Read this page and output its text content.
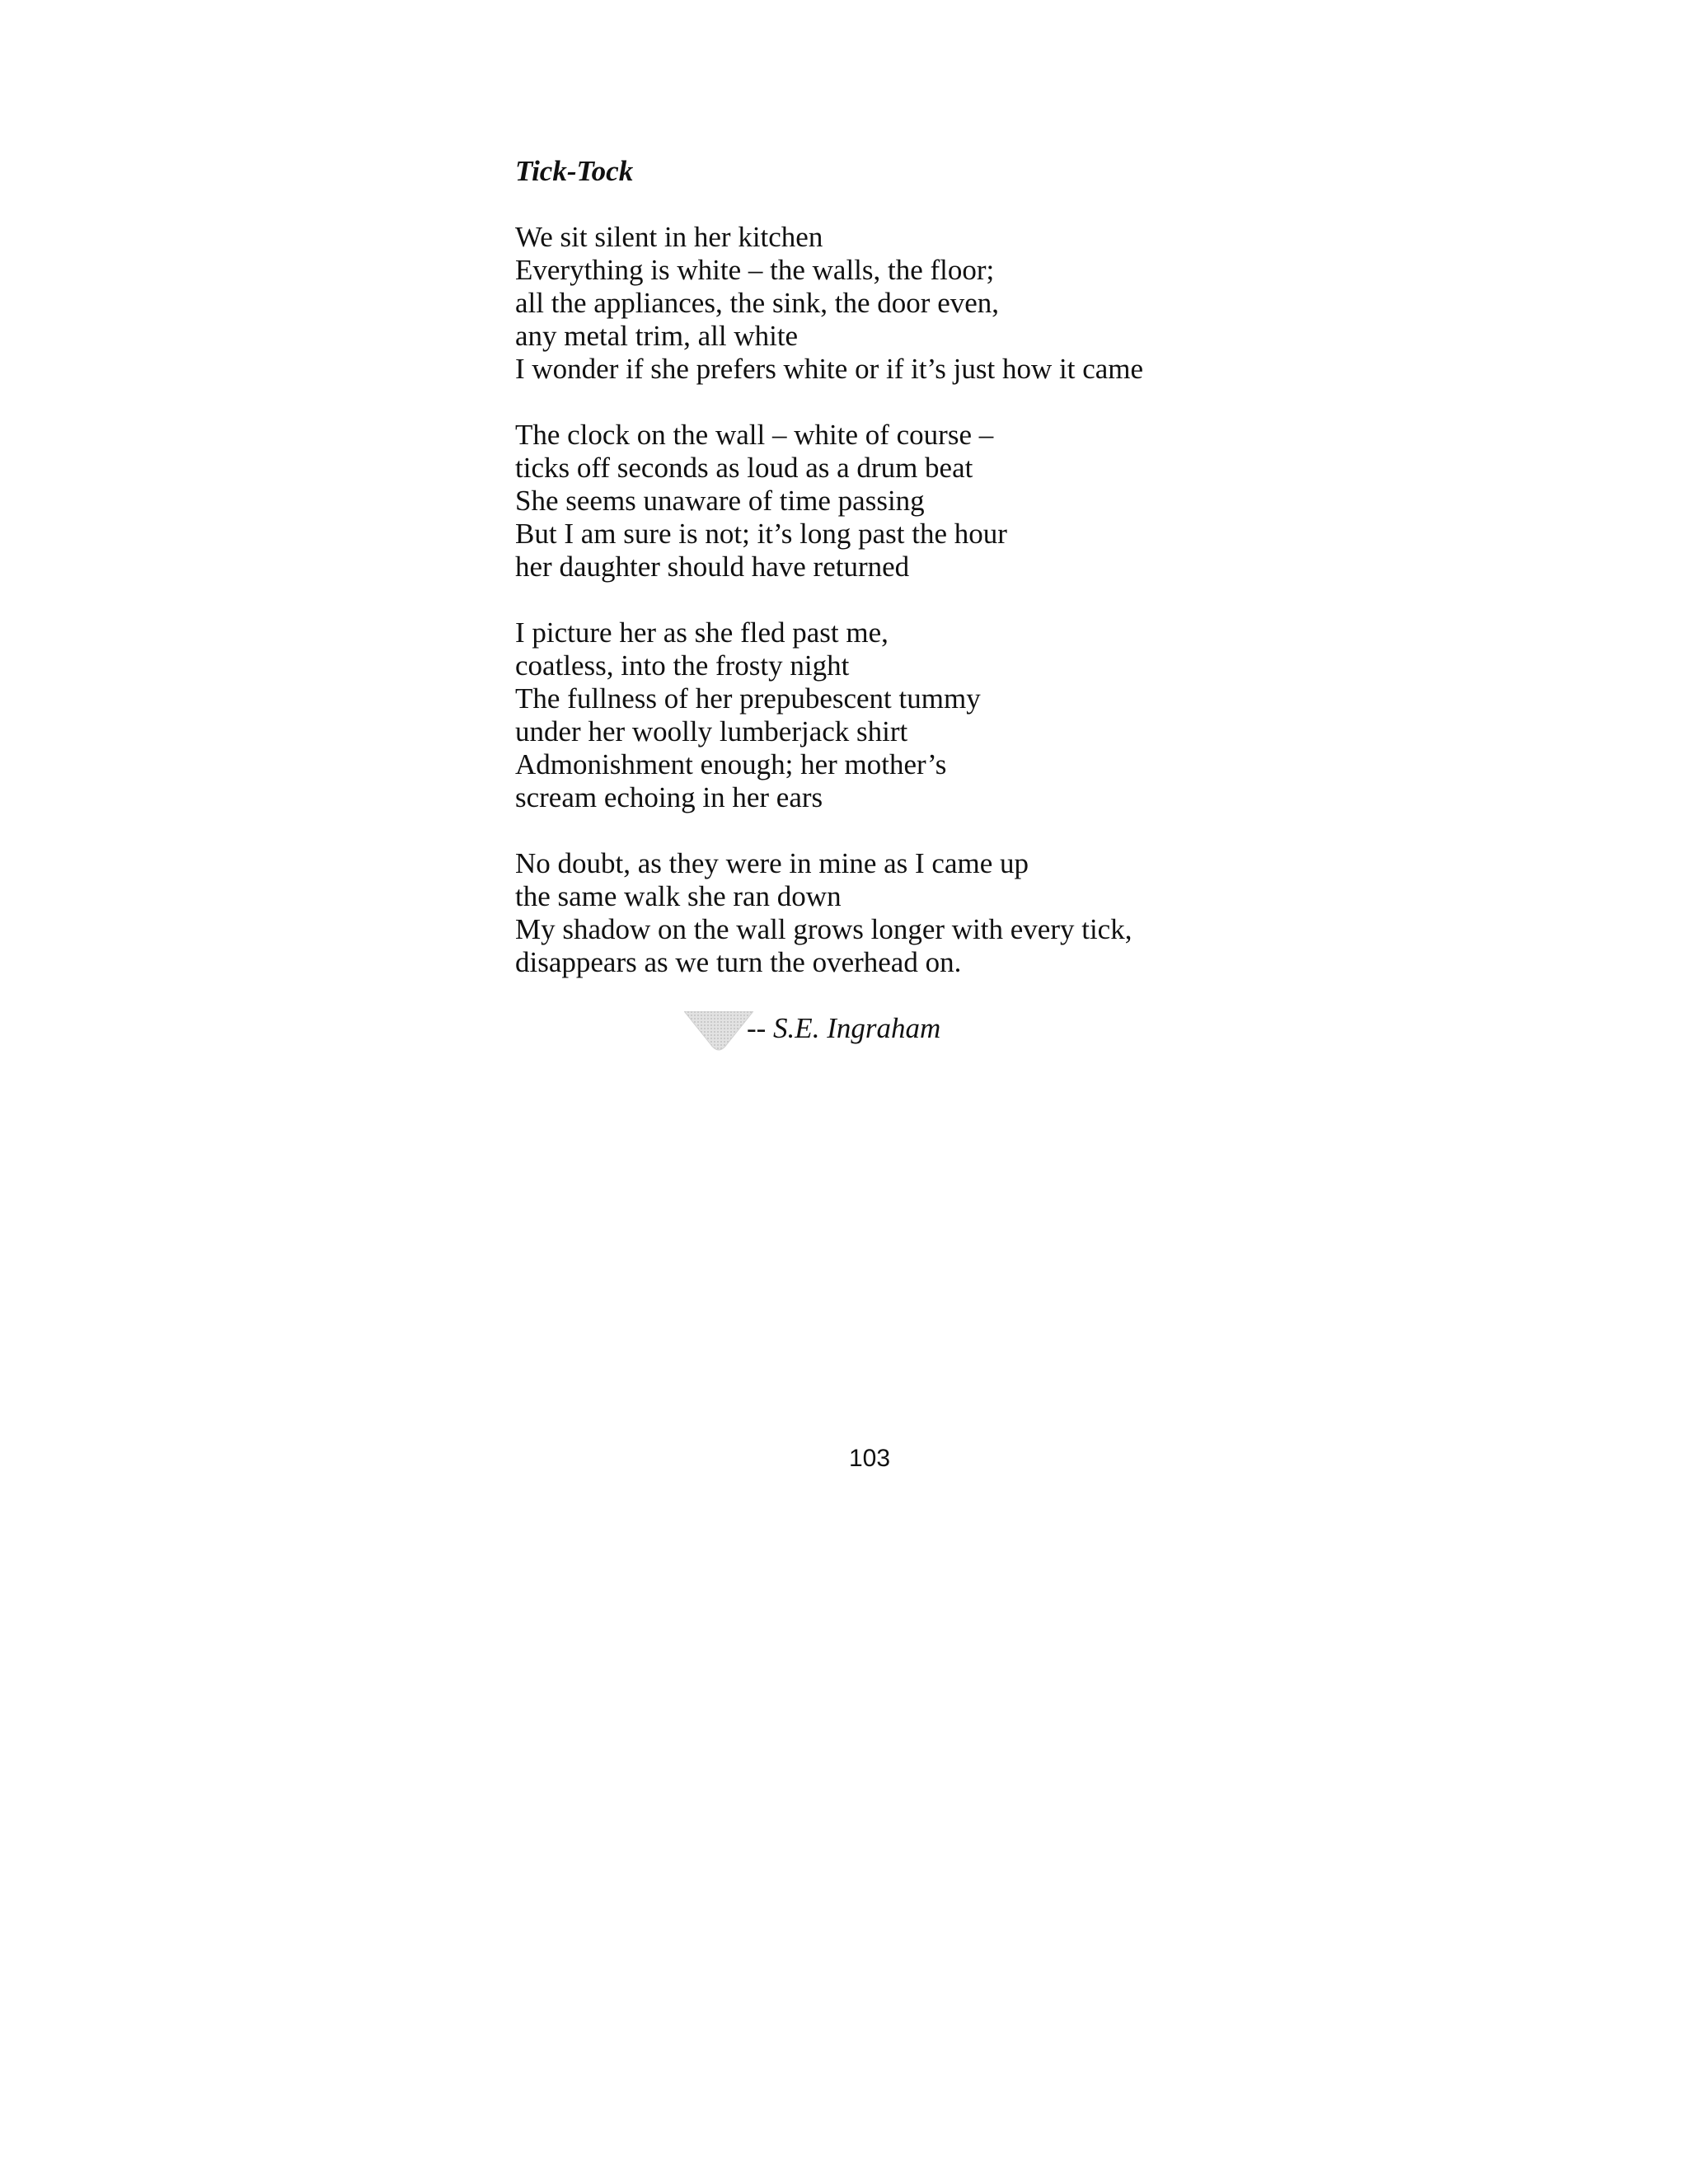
Tick-Tock
We sit silent in her kitchen
Everything is white – the walls, the floor;
all the appliances, the sink, the door even,
any metal trim, all white
I wonder if she prefers white or if it’s just how it came
The clock on the wall – white of course –
ticks off seconds as loud as a drum beat
She seems unaware of time passing
But I am sure is not; it’s long past the hour
her daughter should have returned
I picture her as she fled past me,
coatless, into the frosty night
The fullness of her prepubescent tummy
under her woolly lumberjack shirt
Admonishment enough; her mother’s
scream echoing in her ears
No doubt, as they were in mine as I came up
the same walk she ran down
My shadow on the wall grows longer with every tick,
disappears as we turn the overhead on.
-- S.E. Ingraham
103
